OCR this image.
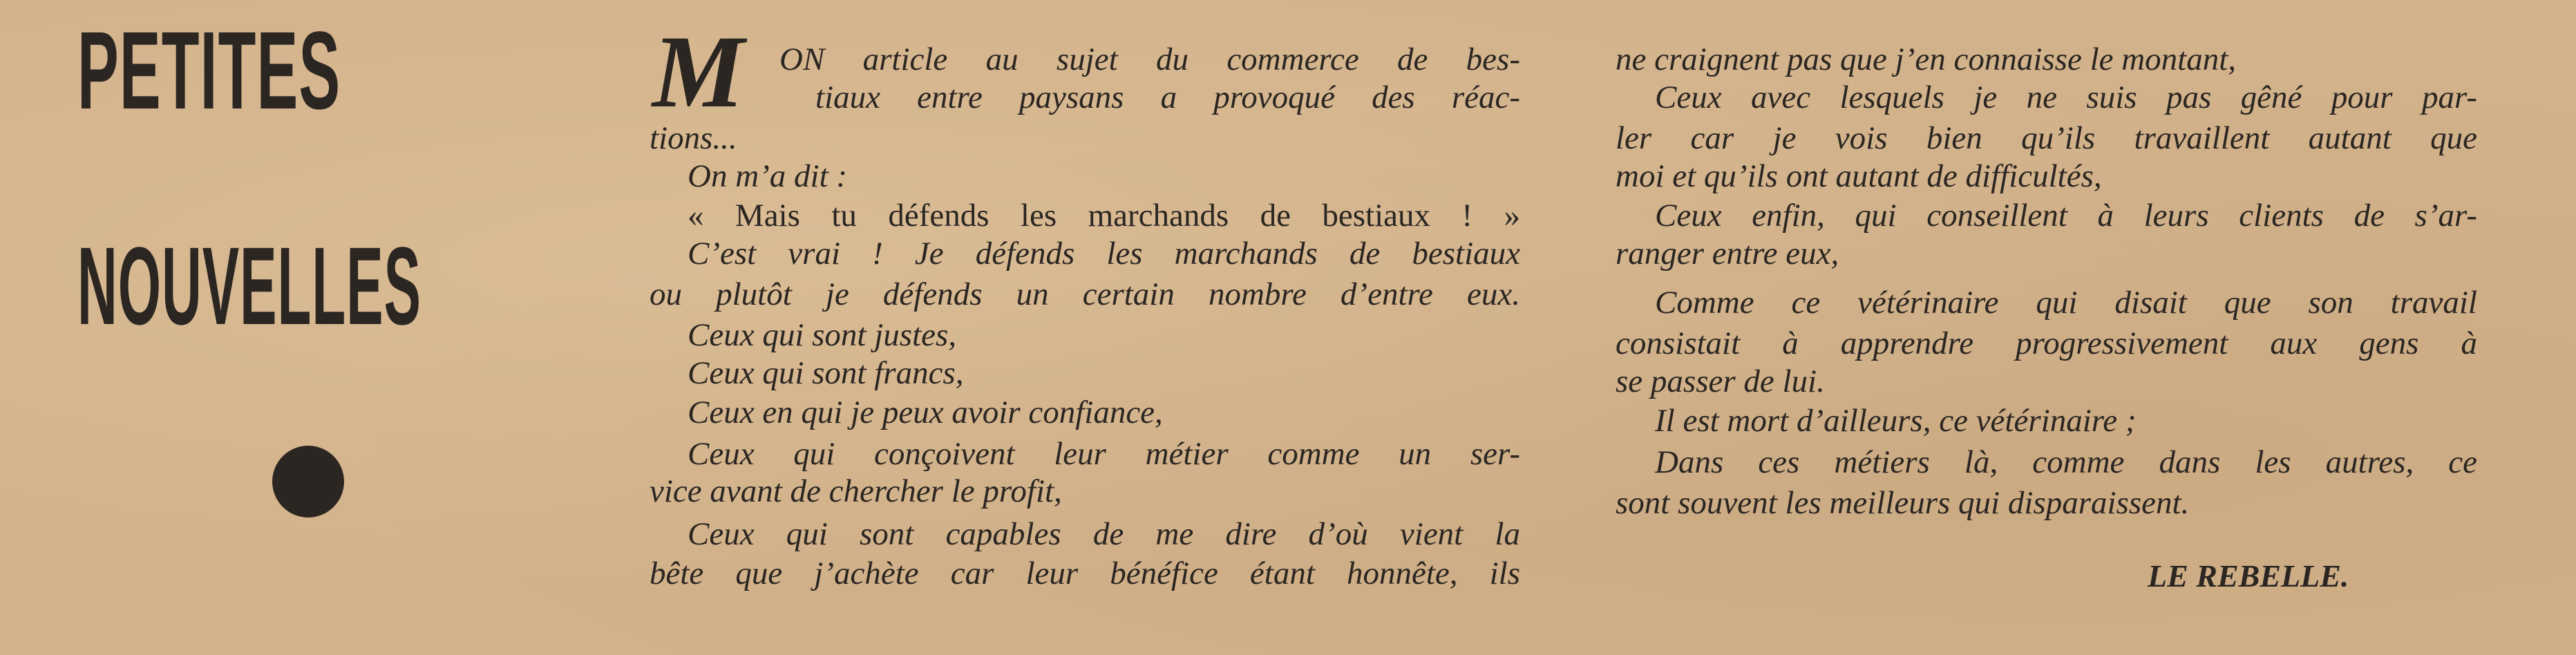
PETITES
NOUVELLES
M	ON article au sujet du commerce de bes-
tiaux entre paysans a provoqué des réac-
tions...
On m’a dit :
« Mais tu défends les marchands de bestiaux ! »
C’est vrai ! Je défends les marchands de bestiaux
ou plutôt je défends un certain nombre d’entre eux.
Ceux qui sont justes,
Ceux qui sont francs,
Ceux en qui je peux avoir confiance,
Ceux qui conçoivent leur métier comme un ser-
vice avant de chercher le profit,
Ceux qui sont capables de me dire d’où vient la
bête que j’achète car leur bénéfice étant honnête, ils
ne craignent pas que j’en connaisse le montant,
Ceux avec lesquels je ne suis pas gêné pour par-
ler car je vois bien qu’ils travaillent autant que
moi et qu’ils ont autant de difficultés,
Ceux enfin, qui conseillent à leurs clients de s’ar-
ranger entre eux,
Comme ce vétérinaire qui disait que son travail
consistait à apprendre progressivement aux gens à
se passer de lui.
Il est mort d’ailleurs, ce vétérinaire ;
Dans ces métiers là, comme dans les autres, ce
sont souvent les meilleurs qui disparaissent.
LE REBELLE.
